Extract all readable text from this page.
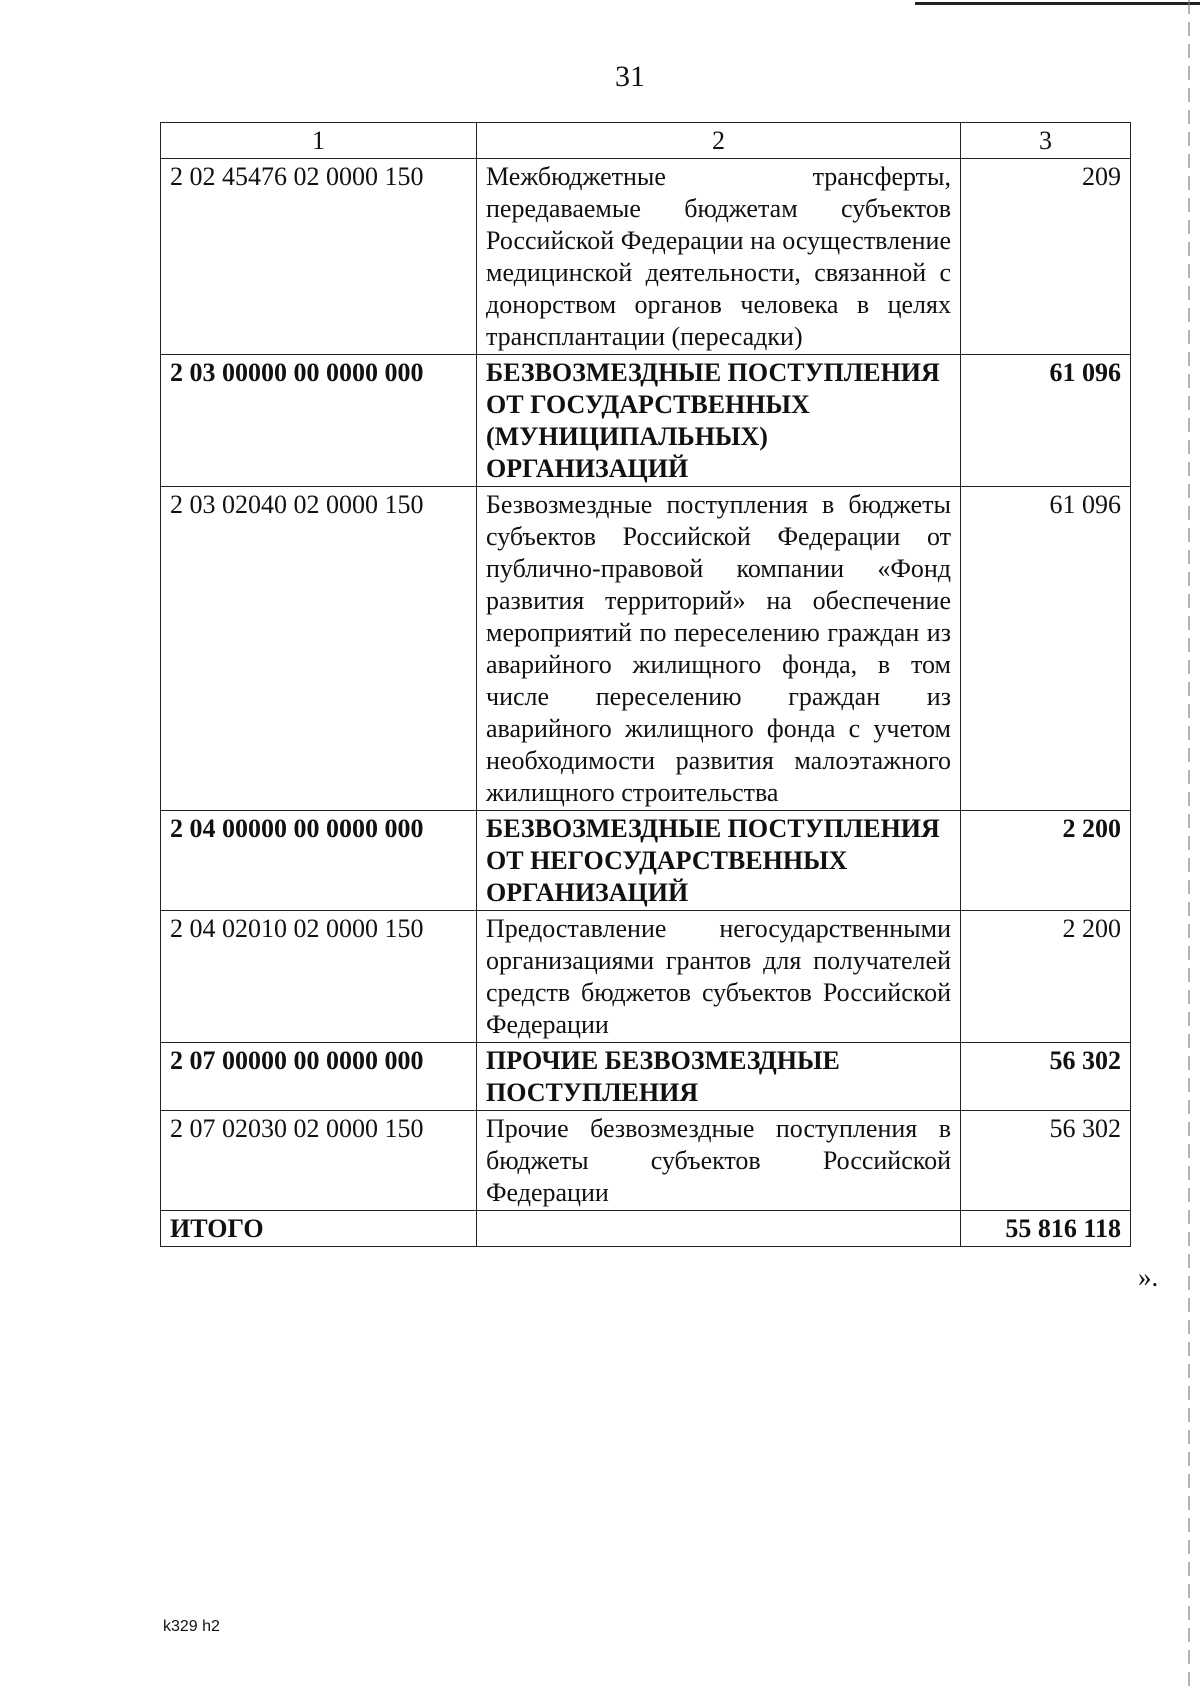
31
1	2	3
2 02 45476 02 0000 150	Межбюджетные трансферты, передаваемые бюджетам субъектов Российской Федерации на осуществление медицинской деятельности, связанной с донорством органов человека в целях трансплантации (пересадки)	209
2 03 00000 00 0000 000	БЕЗВОЗМЕЗДНЫЕ ПОСТУПЛЕНИЯ ОТ ГОСУДАРСТВЕННЫХ (МУНИЦИПАЛЬНЫХ) ОРГАНИЗАЦИЙ	61 096
2 03 02040 02 0000 150	Безвозмездные поступления в бюджеты субъектов Российской Федерации от публично-правовой компании «Фонд развития территорий» на обеспечение мероприятий по переселению граждан из аварийного жилищного фонда, в том числе переселению граждан из аварийного жилищного фонда с учетом необходимости развития малоэтажного жилищного строительства	61 096
2 04 00000 00 0000 000	БЕЗВОЗМЕЗДНЫЕ ПОСТУПЛЕНИЯ ОТ НЕГОСУДАРСТВЕННЫХ ОРГАНИЗАЦИЙ	2 200
2 04 02010 02 0000 150	Предоставление негосударственными организациями грантов для получателей средств бюджетов субъектов Российской Федерации	2 200
2 07 00000 00 0000 000	ПРОЧИЕ БЕЗВОЗМЕЗДНЫЕ ПОСТУПЛЕНИЯ	56 302
2 07 02030 02 0000 150	Прочие безвозмездные поступления в бюджеты субъектов Российской Федерации	56 302
ИТОГО		55 816 118
».
k329 h2
